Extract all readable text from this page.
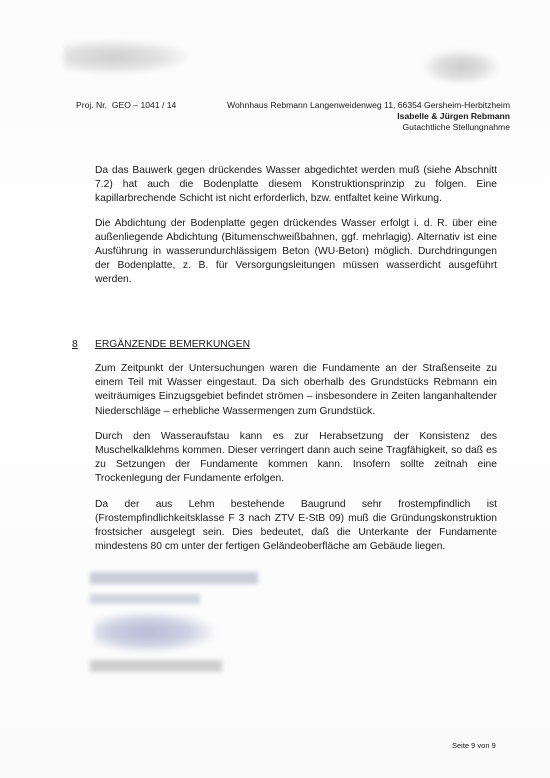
Proj. Nr. GEO – 1041 / 14	Wohnhaus Rebmann Langenweidenweg 11, 66354 Gersheim-Herbitzheim
Isabelle & Jürgen Rebmann
Gutachtliche Stellungnahme

Da das Bauwerk gegen drückendes Wasser abgedichtet werden muß (siehe Abschnitt 7.2) hat auch die Bodenplatte diesem Konstruktionsprinzip zu folgen. Eine kapillarbrechende Schicht ist nicht erforderlich, bzw. entfaltet keine Wirkung.

Die Abdichtung der Bodenplatte gegen drückendes Wasser erfolgt i. d. R. über eine außenliegende Abdichtung (Bitumenschweißbahnen, ggf. mehrlagig). Alternativ ist eine Ausführung in wasserundurchlässigem Beton (WU-Beton) möglich. Durchdringungen der Bodenplatte, z. B. für Versorgungsleitungen müssen wasserdicht ausgeführt werden.

8 ERGÄNZENDE BEMERKUNGEN

Zum Zeitpunkt der Untersuchungen waren die Fundamente an der Straßenseite zu einem Teil mit Wasser eingestaut. Da sich oberhalb des Grundstücks Rebmann ein weiträumiges Einzugsgebiet befindet strömen – insbesondere in Zeiten langanhaltender Niederschläge – erhebliche Wassermengen zum Grundstück.

Durch den Wasseraufstau kann es zur Herabsetzung der Konsistenz des Muschelkalklehms kommen. Dieser verringert dann auch seine Tragfähigkeit, so daß es zu Setzungen der Fundamente kommen kann. Insofern sollte zeitnah eine Trockenlegung der Fundamente erfolgen.

Da der aus Lehm bestehende Baugrund sehr frostempfindlich ist (Frostempfindlichkeitsklasse F 3 nach ZTV E-StB 09) muß die Gründungskonstruktion frostsicher ausgelegt sein. Dies bedeutet, daß die Unterkante der Fundamente mindestens 80 cm unter der fertigen Geländeoberfläche am Gebäude liegen.

Seite 9 von 9
